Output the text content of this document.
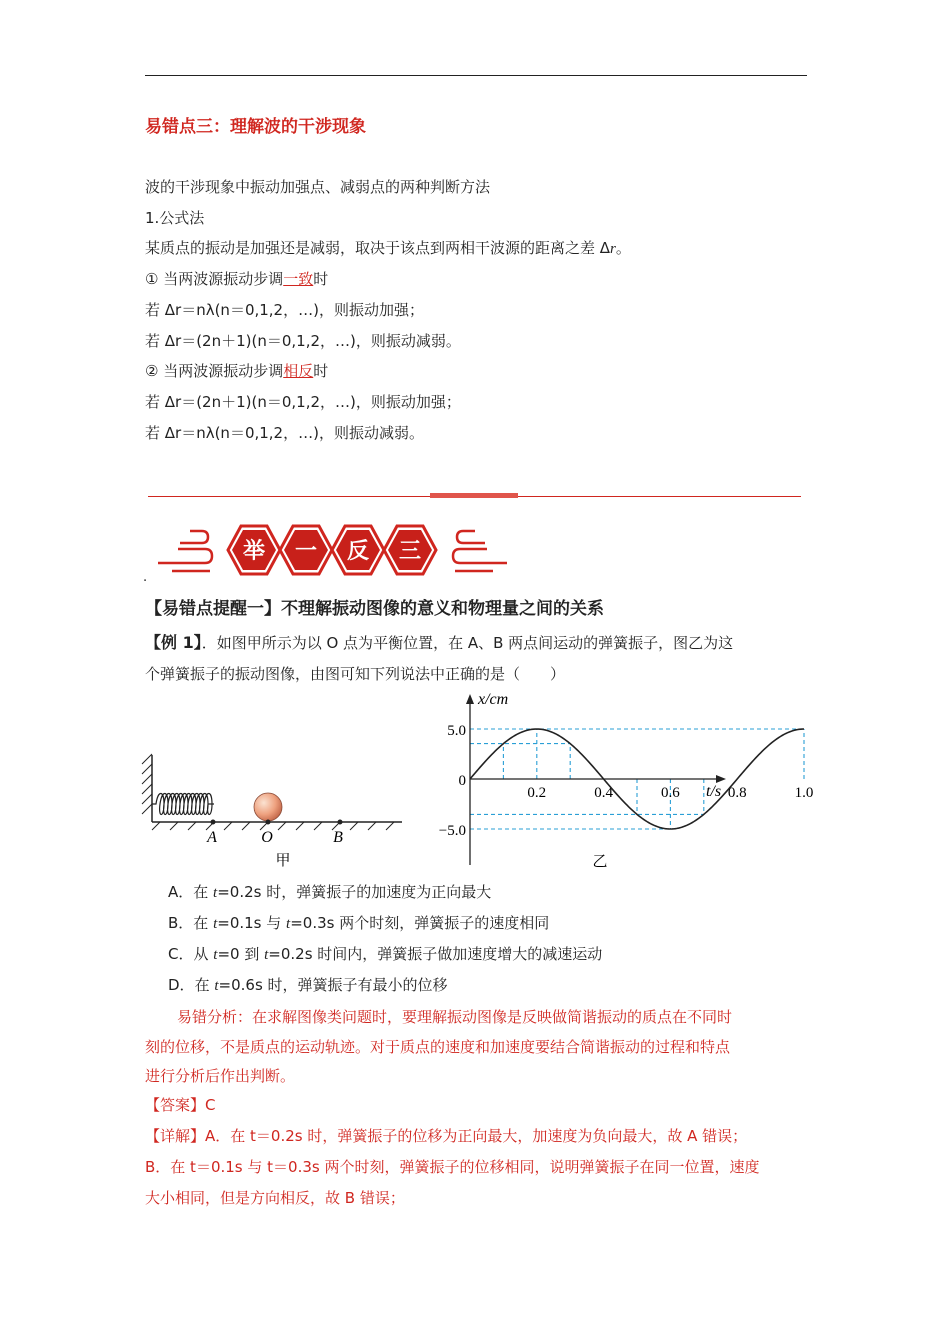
易错点三：理解波的干涉现象
波的干涉现象中振动加强点、减弱点的两种判断方法
1.公式法
某质点的振动是加强还是减弱，取决于该点到两相干波源的距离之差 Δr。
① 当两波源振动步调一致时
若 Δr＝nλ(n＝0,1,2，…)，则振动加强；
若 Δr＝(2n＋1)(n＝0,1,2，…)，则振动减弱。
② 当两波源振动步调相反时
若 Δr＝(2n＋1)(n＝0,1,2，…)，则振动加强；
若 Δr＝nλ(n＝0,1,2，…)，则振动减弱。
举 一 反 三
.
【易错点提醒一】不理解振动图像的意义和物理量之间的关系
【例 1】．如图甲所示为以 O 点为平衡位置，在 A、B 两点间运动的弹簧振子，图乙为这
个弹簧振子的振动图像，由图可知下列说法中正确的是（　　）
A	O	B
甲
0.2	0.4	0.6	0.8	1.0
x/cm
t/s
5.0
0
−5.0
乙
A．在 t=0.2s 时，弹簧振子的加速度为正向最大
B．在 t=0.1s 与 t=0.3s 两个时刻，弹簧振子的速度相同
C．从 t=0 到 t=0.2s 时间内，弹簧振子做加速度增大的减速运动
D．在 t=0.6s 时，弹簧振子有最小的位移
易错分析：在求解图像类问题时，要理解振动图像是反映做简谐振动的质点在不同时
刻的位移，不是质点的运动轨迹。对于质点的速度和加速度要结合简谐振动的过程和特点
进行分析后作出判断。
【答案】C
【详解】A．在 t＝0.2s 时，弹簧振子的位移为正向最大，加速度为负向最大，故 A 错误；
B．在 t＝0.1s 与 t＝0.3s 两个时刻，弹簧振子的位移相同，说明弹簧振子在同一位置，速度
大小相同，但是方向相反，故 B 错误；
